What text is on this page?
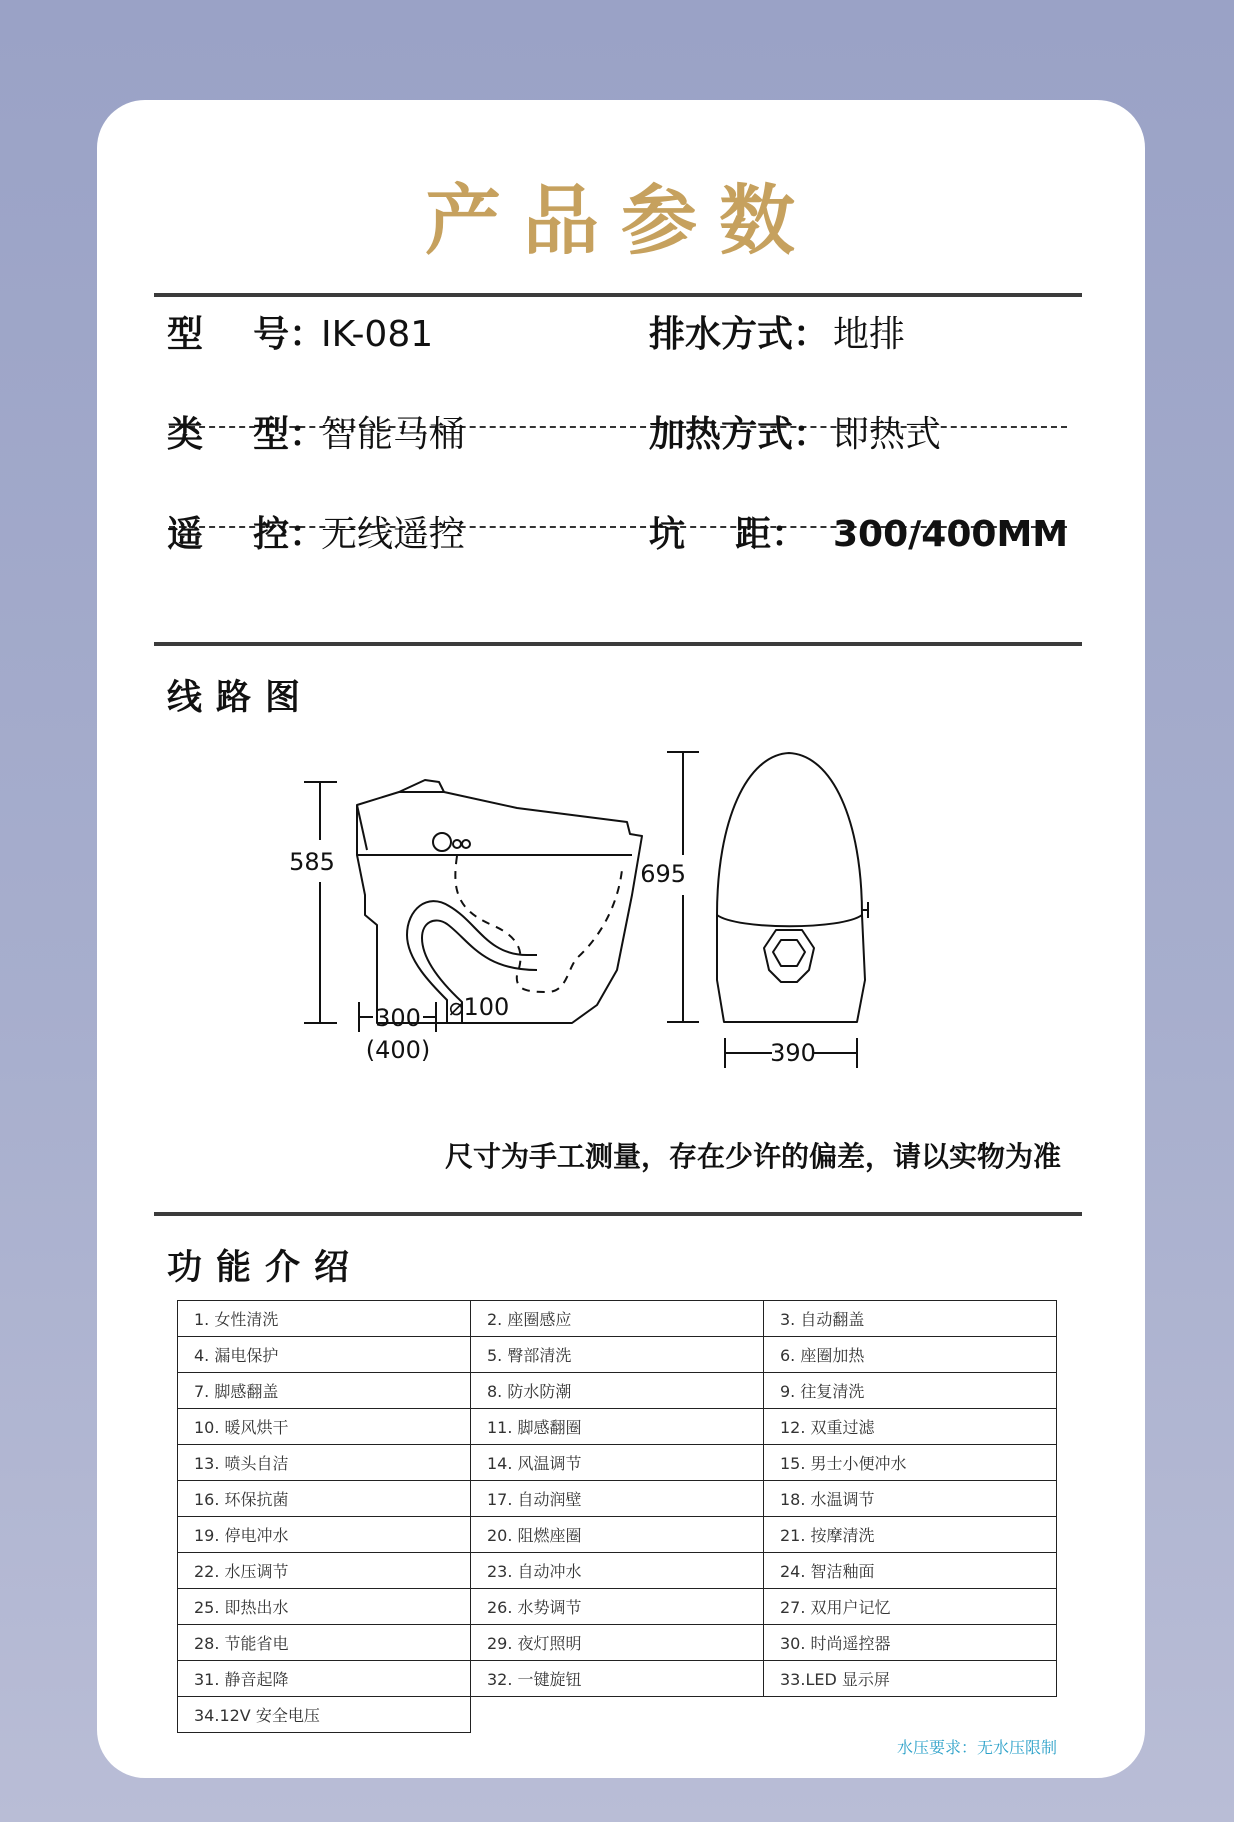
产品参数
型    号：
IK-081	排水方式： 地排
类    型：
智能马桶	加热方式： 即热式
遥    控：
无线遥控	坑    距： 300/400MM
线路图
585
300
(400)
⌀100
695
390
尺寸为手工测量，存在少许的偏差，请以实物为准
功能介绍
1. 女性清洗	2. 座圈感应	3. 自动翻盖
4. 漏电保护	5. 臀部清洗	6. 座圈加热
7. 脚感翻盖	8. 防水防潮	9. 往复清洗
10. 暖风烘干	11. 脚感翻圈	12. 双重过滤
13. 喷头自洁	14. 风温调节	15. 男士小便冲水
16. 环保抗菌	17. 自动润壁	18. 水温调节
19. 停电冲水	20. 阻燃座圈	21. 按摩清洗
22. 水压调节	23. 自动冲水	24. 智洁釉面
25. 即热出水	26. 水势调节	27. 双用户记忆
28. 节能省电	29. 夜灯照明	30. 时尚遥控器
31. 静音起降	32. 一键旋钮	33.LED 显示屏
34.12V 安全电压		
水压要求：无水压限制
